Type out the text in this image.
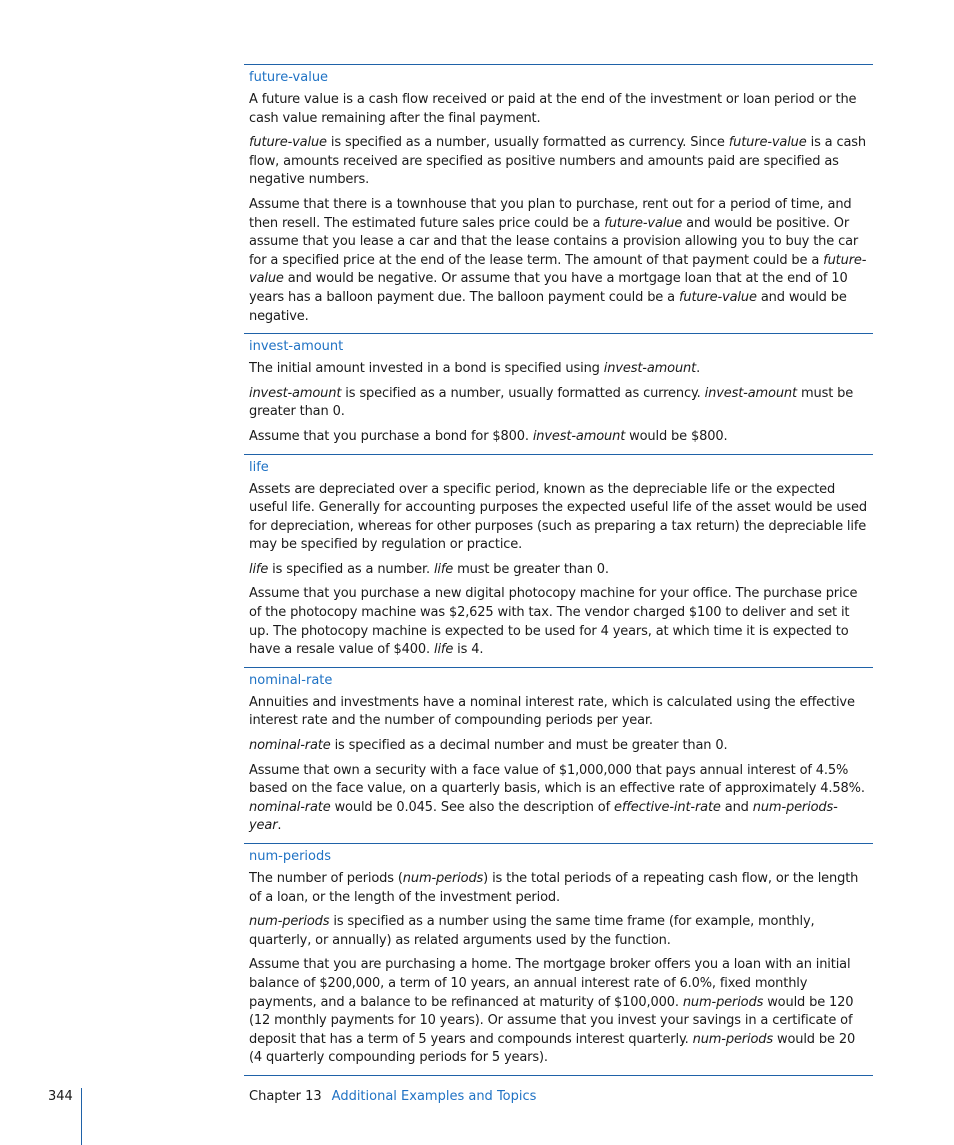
future-value

A future value is a cash flow received or paid at the end of the investment or loan period or the cash value remaining after the final payment.

future-value is specified as a number, usually formatted as currency. Since future-value is a cash flow, amounts received are specified as positive numbers and amounts paid are specified as negative numbers.

Assume that there is a townhouse that you plan to purchase, rent out for a period of time, and then resell. The estimated future sales price could be a future-value and would be positive. Or assume that you lease a car and that the lease contains a provision allowing you to buy the car for a specified price at the end of the lease term. The amount of that payment could be a future-value and would be negative. Or assume that you have a mortgage loan that at the end of 10 years has a balloon payment due. The balloon payment could be a future-value and would be negative.

invest-amount

The initial amount invested in a bond is specified using invest-amount.

invest-amount is specified as a number, usually formatted as currency. invest-amount must be greater than 0.

Assume that you purchase a bond for $800. invest-amount would be $800.

life

Assets are depreciated over a specific period, known as the depreciable life or the expected useful life. Generally for accounting purposes the expected useful life of the asset would be used for depreciation, whereas for other purposes (such as preparing a tax return) the depreciable life may be specified by regulation or practice.

life is specified as a number. life must be greater than 0.

Assume that you purchase a new digital photocopy machine for your office. The purchase price of the photocopy machine was $2,625 with tax. The vendor charged $100 to deliver and set it up. The photocopy machine is expected to be used for 4 years, at which time it is expected to have a resale value of $400. life is 4.

nominal-rate

Annuities and investments have a nominal interest rate, which is calculated using the effective interest rate and the number of compounding periods per year.

nominal-rate is specified as a decimal number and must be greater than 0.

Assume that own a security with a face value of $1,000,000 that pays annual interest of 4.5% based on the face value, on a quarterly basis, which is an effective rate of approximately 4.58%. nominal-rate would be 0.045. See also the description of effective-int-rate and num-periods-year.

num-periods

The number of periods (num-periods) is the total periods of a repeating cash flow, or the length of a loan, or the length of the investment period.

num-periods is specified as a number using the same time frame (for example, monthly, quarterly, or annually) as related arguments used by the function.

Assume that you are purchasing a home. The mortgage broker offers you a loan with an initial balance of $200,000, a term of 10 years, an annual interest rate of 6.0%, fixed monthly payments, and a balance to be refinanced at maturity of $100,000. num-periods would be 120 (12 monthly payments for 10 years). Or assume that you invest your savings in a certificate of deposit that has a term of 5 years and compounds interest quarterly. num-periods would be 20 (4 quarterly compounding periods for 5 years).

344	Chapter 13 Additional Examples and Topics
